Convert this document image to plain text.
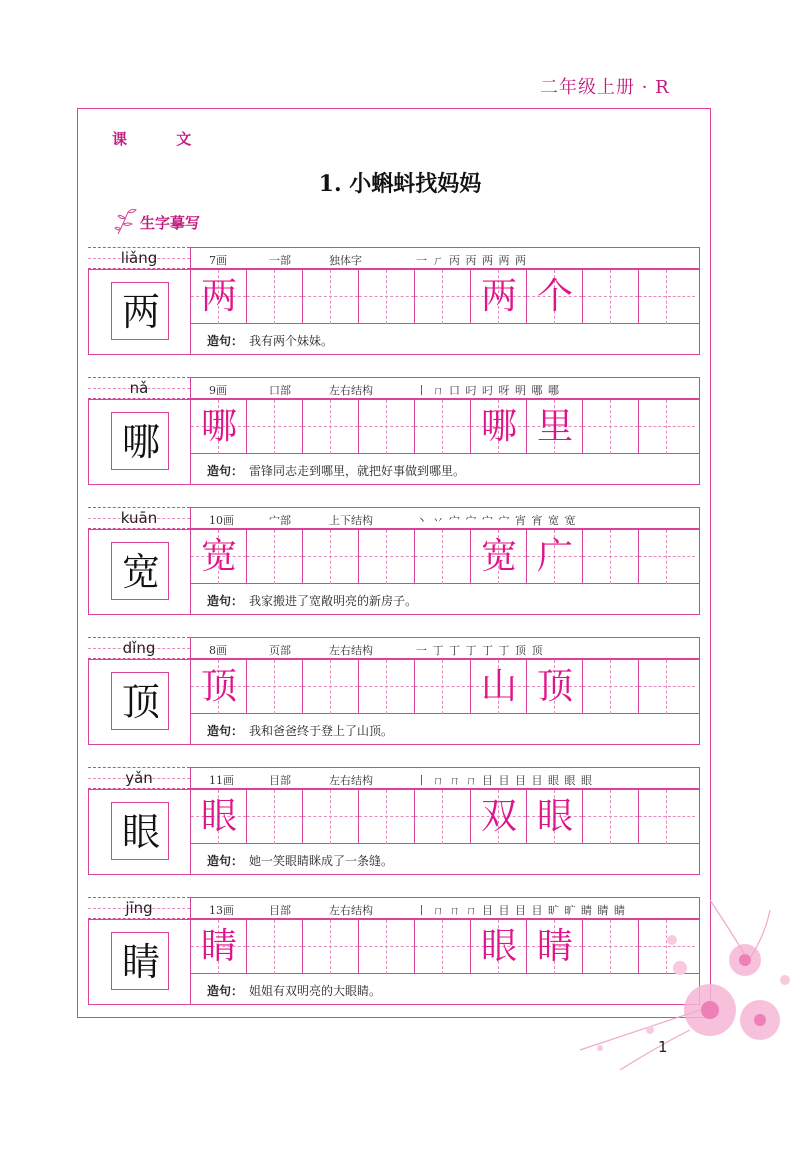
二年级上册 · R
课 文
1. 小蝌蚪找妈妈
生字摹写
liǎng	7画	一部	独体字	一 ㄏ 丙 丙 两 两 两
两 两	两 个
造句： 我有两个妹妹。
nǎ	9画	口部	左右结构	丨 ㄇ 口 叼 叼 呀 明 哪 哪
哪 哪	哪 里
造句： 雷锋同志走到哪里，就把好事做到哪里。
kuān	10画	宀部	上下结构	丶 丷 宀 宀 宀 宀 宵 宵 宽 宽
宽 宽	宽 广
造句： 我家搬进了宽敞明亮的新房子。
dǐng	8画	页部	左右结构	一 丁 丁 丁 丁 丁 顶 顶
顶 顶	山 顶
造句： 我和爸爸终于登上了山顶。
yǎn	11画	目部	左右结构	丨 ㄇ ㄇ ㄇ 目 目 目 目 眼 眼 眼
眼 眼	双 眼
造句： 她一笑眼睛眯成了一条缝。
jīng	13画	目部	左右结构	丨 ㄇ ㄇ ㄇ 目 目 目 目 旷 旷 睛 睛 睛
睛 睛	眼 睛
造句： 姐姐有双明亮的大眼睛。
1
